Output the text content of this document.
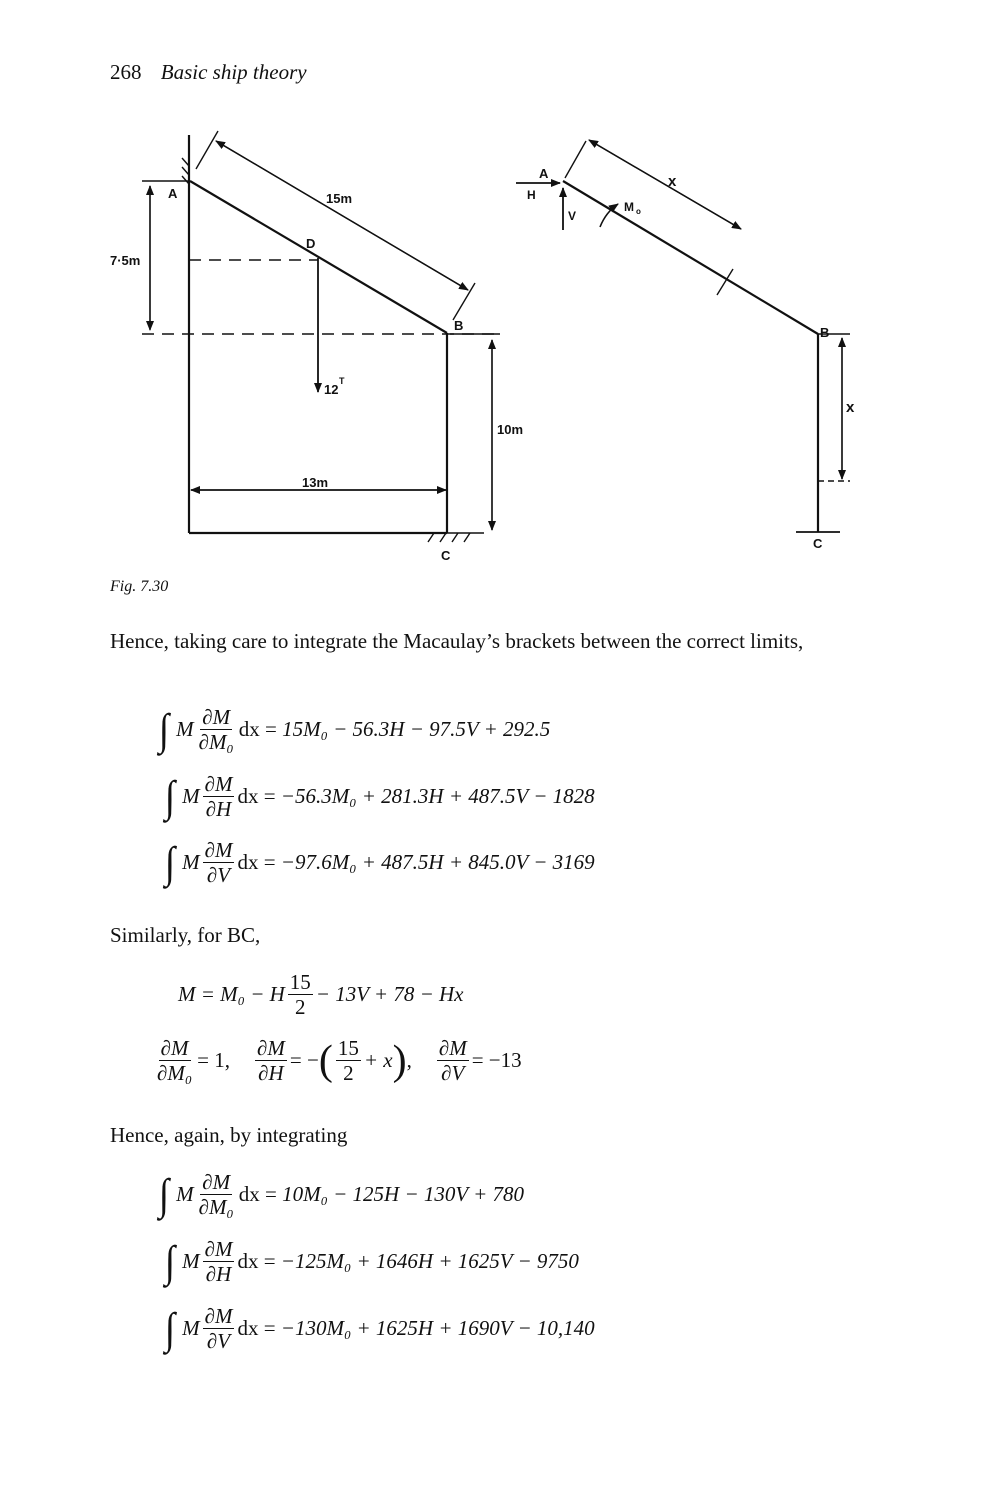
268 Basic ship theory
A
D
B
C
15m
7·5m
10m
13m
12
T
A
H
V
M o
x
B
x
C
Fig. 7.30
Hence, taking care to integrate the Macaulay’s brackets between the correct limits,
∫ M $\frac{\partial M}{\text{∂M₀}}$ dx =
15M₀ − 56.3H − 97.5V + 292.5
∫ M $\frac{\partial M}{\partial H}$ dx =
−56.3M₀ + 281.3H + 487.5V − 1828
∫ M $\frac{\partial M}{\partial V}$ dx =
−97.6M₀ + 487.5H + 845.0V − 3169
Similarly, for BC,
M = M₀ − H $\frac{15}{2} - 13V + 78 - Hx$
$\frac{\partial M}{\text{∂M₀}} = 1$, $\frac{\partial M}{\partial H}$ = − ( $\frac{15}{2} + x$ ) , $\frac{\partial M}{\partial V} = -13$
Hence, again, by integrating
∫ M $\frac{\partial M}{\text{∂M₀}}$ dx =
10M₀ − 125H − 130V + 780
∫ M $\frac{\partial M}{\partial H}$ dx =
−125M₀ + 1646H + 1625V − 9750
∫ M $\frac{\partial M}{\partial V}$ dx =
−130M₀ + 1625H + 1690V − 10,140
